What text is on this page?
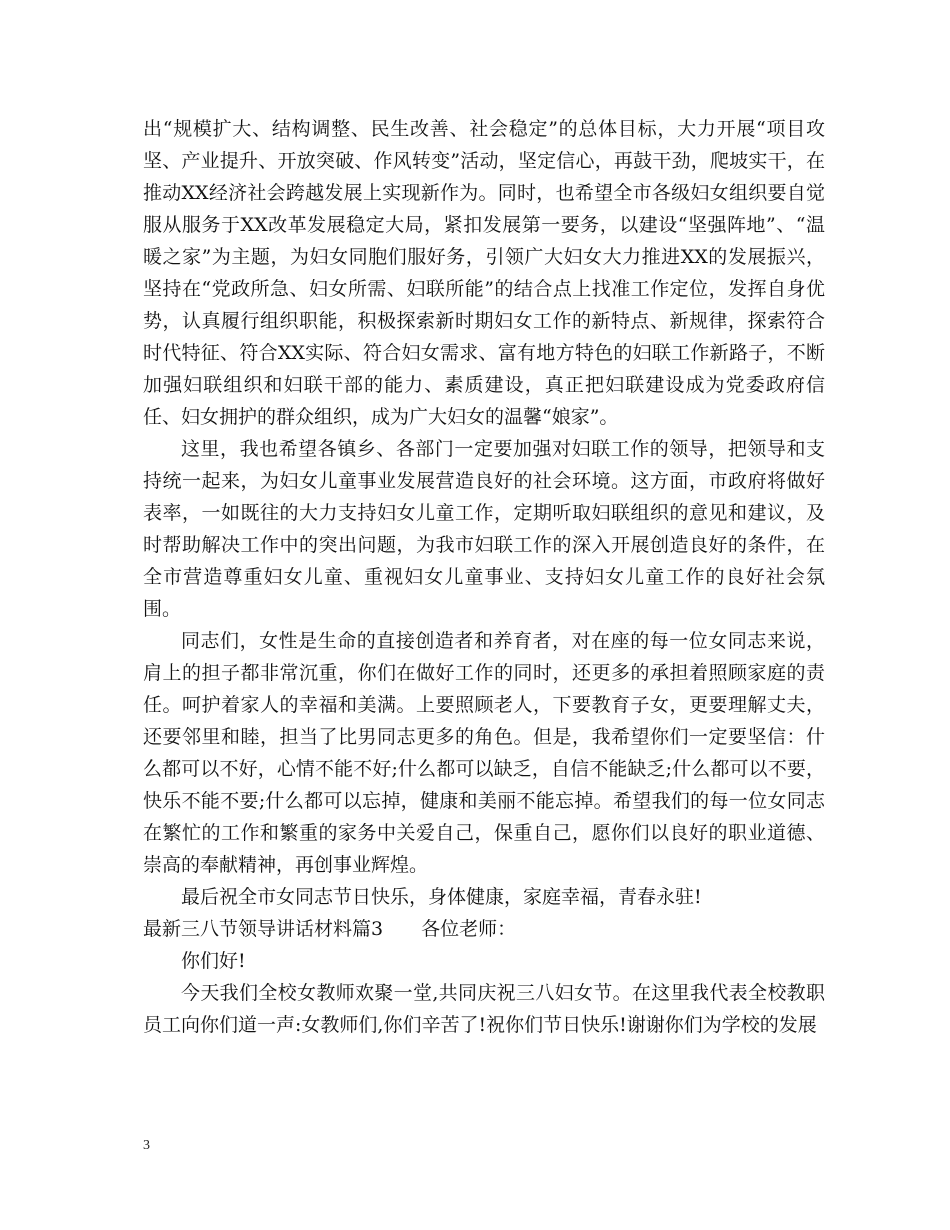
出“规模扩大、结构调整、民生改善、社会稳定”的总体目标，大力开展“项目攻坚、产业提升、开放突破、作风转变”活动，坚定信心，再鼓干劲，爬坡实干，在推动XX经济社会跨越发展上实现新作为。同时，也希望全市各级妇女组织要自觉服从服务于XX改革发展稳定大局，紧扣发展第一要务，以建设“坚强阵地”、“温暖之家”为主题，为妇女同胞们服好务，引领广大妇女大力推进XX的发展振兴，坚持在“党政所急、妇女所需、妇联所能”的结合点上找准工作定位，发挥自身优势，认真履行组织职能，积极探索新时期妇女工作的新特点、新规律，探索符合时代特征、符合XX实际、符合妇女需求、富有地方特色的妇联工作新路子，不断加强妇联组织和妇联干部的能力、素质建设，真正把妇联建设成为党委政府信任、妇女拥护的群众组织，成为广大妇女的温馨“娘家”。

这里，我也希望各镇乡、各部门一定要加强对妇联工作的领导，把领导和支持统一起来，为妇女儿童事业发展营造良好的社会环境。这方面，市政府将做好表率，一如既往的大力支持妇女儿童工作，定期听取妇联组织的意见和建议，及时帮助解决工作中的突出问题，为我市妇联工作的深入开展创造良好的条件，在全市营造尊重妇女儿童、重视妇女儿童事业、支持妇女儿童工作的良好社会氛围。

同志们，女性是生命的直接创造者和养育者，对在座的每一位女同志来说，肩上的担子都非常沉重，你们在做好工作的同时，还更多的承担着照顾家庭的责任。呵护着家人的幸福和美满。上要照顾老人，下要教育子女，更要理解丈夫，还要邻里和睦，担当了比男同志更多的角色。但是，我希望你们一定要坚信：什么都可以不好，心情不能不好;什么都可以缺乏，自信不能缺乏;什么都可以不要，快乐不能不要;什么都可以忘掉，健康和美丽不能忘掉。希望我们的每一位女同志在繁忙的工作和繁重的家务中关爱自己，保重自己，愿你们以良好的职业道德、崇高的奉献精神，再创事业辉煌。

最后祝全市女同志节日快乐，身体健康，家庭幸福，青春永驻!

最新三八节领导讲话材料篇3 各位老师：

你们好!

今天我们全校女教师欢聚一堂,共同庆祝三八妇女节。在这里我代表全校教职员工向你们道一声:女教师们,你们辛苦了!祝你们节日快乐!谢谢你们为学校的发展

3
